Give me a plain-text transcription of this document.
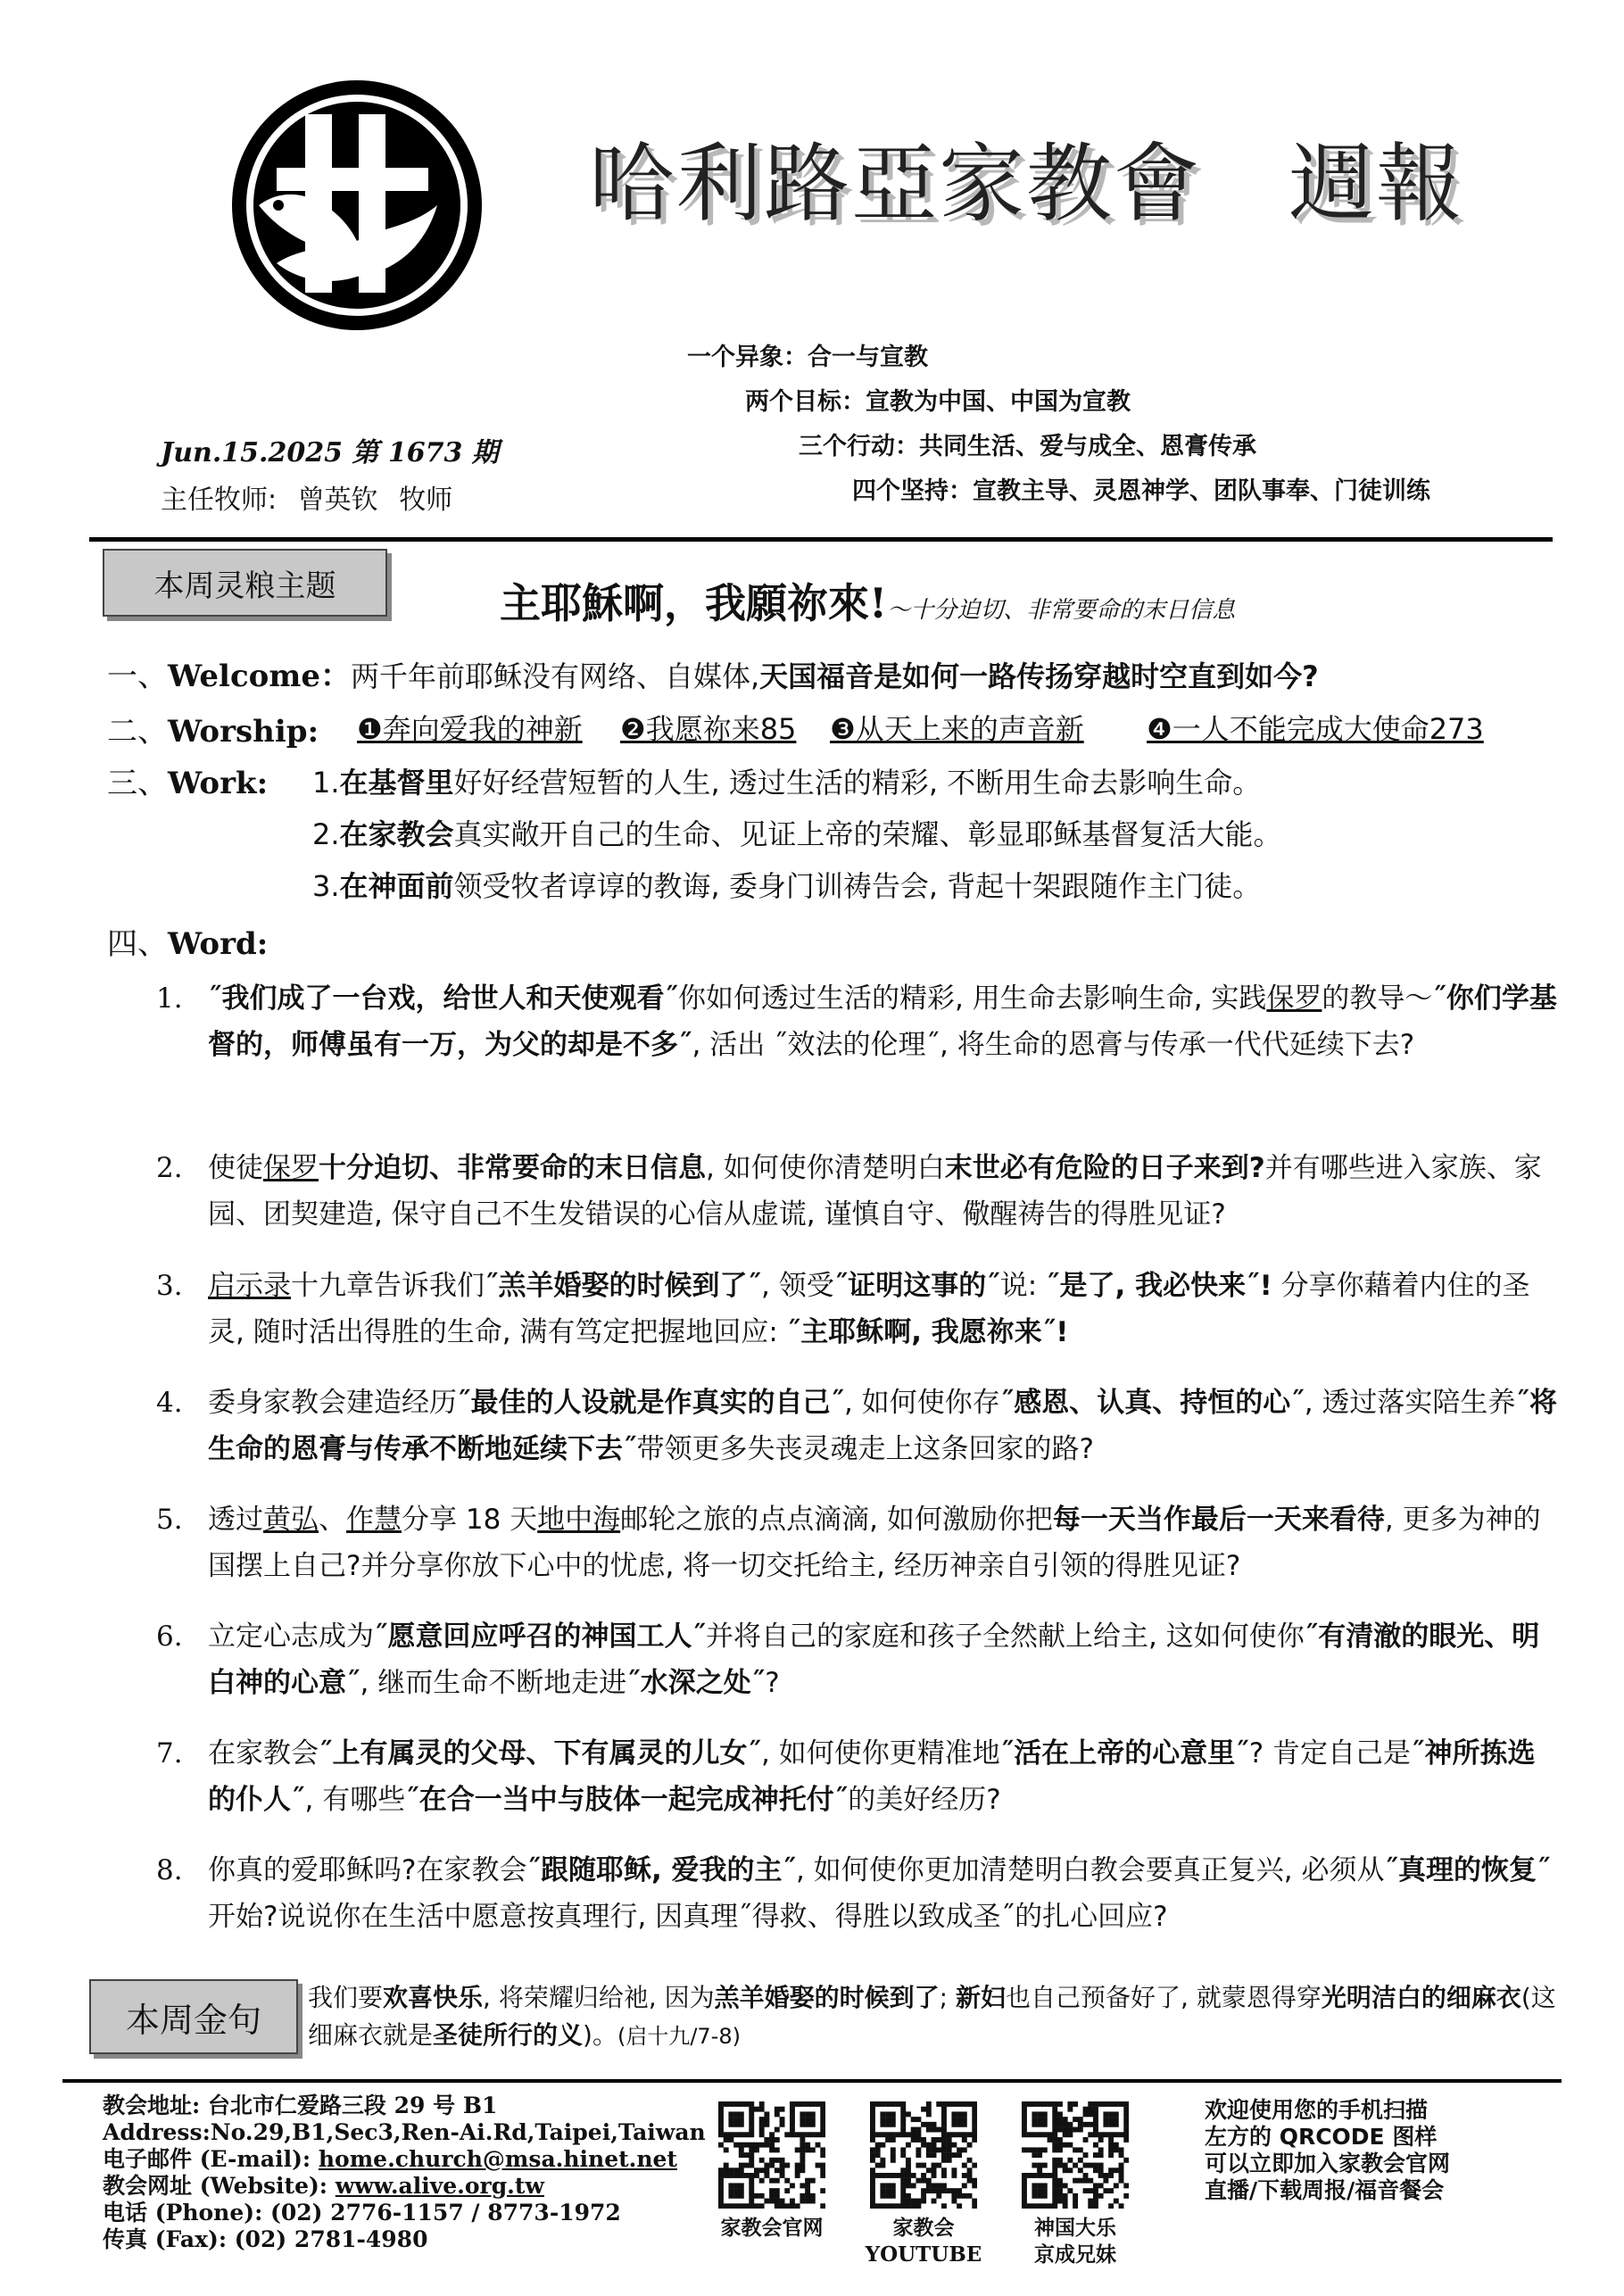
哈利路亞家教會　週報
一个异象：合一与宣教
两个目标：宣教为中国、中国为宣教
三个行动：共同生活、爱与成全、恩膏传承
四个坚持：宣教主导、灵恩神学、团队事奉、门徒训练
Jun.15.2025 第 1673 期
主任牧师: 曾英钦 牧师
本周灵粮主题	主耶穌啊，我願祢來!～十分迫切、非常要命的末日信息
一、Welcome：两千年前耶稣没有网络、自媒体,天国福音是如何一路传扬穿越时空直到如今?
二、Worship: ❶奔向爱我的神新 ❷我愿祢来85 ❸从天上来的声音新 ❹一人不能完成大使命273
三、Work: 1.在基督里好好经营短暂的人生, 透过生活的精彩, 不断用生命去影响生命。
2.在家教会真实敞开自己的生命、见证上帝的荣耀、彰显耶稣基督复活大能。
3.在神面前领受牧者谆谆的教诲, 委身门训祷告会, 背起十架跟随作主门徒。
四、Word:
1. ˝我们成了一台戏，给世人和天使观看˝你如何透过生活的精彩, 用生命去影响生命, 实践保罗的教导～˝你们学基督的，师傅虽有一万，为父的却是不多˝, 活出 ˝效法的伦理˝, 将生命的恩膏与传承一代代延续下去?
2. 使徒保罗十分迫切、非常要命的末日信息, 如何使你清楚明白末世必有危险的日子来到?并有哪些进入家族、家园、团契建造, 保守自己不生发错误的心信从虚谎, 谨慎自守、儆醒祷告的得胜见证?
3. 启示录十九章告诉我们˝羔羊婚娶的时候到了˝, 领受˝证明这事的˝说: ˝是了, 我必快来˝! 分享你藉着内住的圣灵, 随时活出得胜的生命, 满有笃定把握地回应: ˝主耶稣啊, 我愿祢来˝!
4. 委身家教会建造经历˝最佳的人设就是作真实的自己˝, 如何使你存˝感恩、认真、持恒的心˝, 透过落实陪生养˝将生命的恩膏与传承不断地延续下去˝带领更多失丧灵魂走上这条回家的路?
5. 透过黄弘、作慧分享 18 天地中海邮轮之旅的点点滴滴, 如何激励你把每一天当作最后一天来看待, 更多为神的国摆上自己?并分享你放下心中的忧虑, 将一切交托给主, 经历神亲自引领的得胜见证?
6. 立定心志成为˝愿意回应呼召的神国工人˝并将自己的家庭和孩子全然献上给主, 这如何使你˝有清澈的眼光、明白神的心意˝, 继而生命不断地走进˝水深之处˝?
7. 在家教会˝上有属灵的父母、下有属灵的儿女˝, 如何使你更精准地˝活在上帝的心意里˝? 肯定自己是˝神所拣选的仆人˝, 有哪些˝在合一当中与肢体一起完成神托付˝的美好经历?
8. 你真的爱耶稣吗?在家教会˝跟随耶稣, 爱我的主˝, 如何使你更加清楚明白教会要真正复兴, 必须从˝真理的恢复˝开始?说说你在生活中愿意按真理行, 因真理˝得救、得胜以致成圣˝的扎心回应?
本周金句
我们要欢喜快乐, 将荣耀归给祂, 因为羔羊婚娶的时候到了; 新妇也自己预备好了, 就蒙恩得穿光明洁白的细麻衣(这细麻衣就是圣徒所行的义)。(启十九/7-8)
教会地址: 台北市仁爱路三段 29 号 B1
Address:No.29,B1,Sec3,Ren-Ai.Rd,Taipei,Taiwan
电子邮件 (E-mail): home.church@msa.hinet.net
教会网址 (Website): www.alive.org.tw
电话 (Phone): (02) 2776-1157 / 8773-1972
传真 (Fax): (02) 2781-4980	家教会官网	家教会
YOUTUBE
神国大乐
京成兄妹
欢迎使用您的手机扫描
左方的 QRCODE 图样
可以立即加入家教会官网
直播/下载周报/福音餐会
